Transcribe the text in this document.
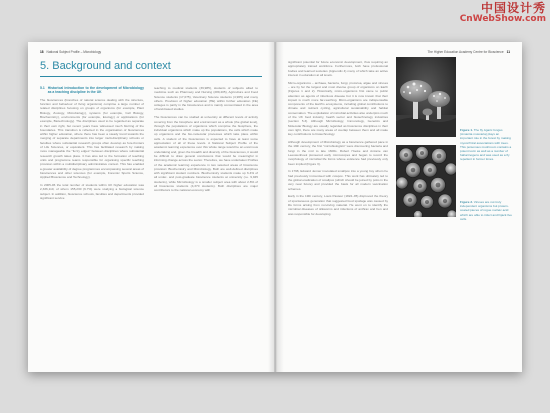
中国设计秀
CnWebShow.com
18 National Subject Profile – Microbiology
5. Background and context
5.1 Historical introduction to the development of Microbiology as a teaching discipline in the UK

The biosciences (branches of natural science dealing with the structure, function and behaviour of living organisms) comprise a large number of related disciplines focusing on groups of organisms (for example, Plant Biology, Zoology, Microbiology), systems (for example, Cell Biology, Biochemistry), environments (for example, Ecology) or applications (for example, Biotechnology). The disciplines used to be regarded as separate in their own right, but recent years have witnessed much blurring of the boundaries. This transition is reflected in the organisation of biosciences within higher education, where there has been a steady trend towards the merging of separate departments into larger multi-disciplinary schools or faculties where substantial research groups often develop as fore-fronters of Life Sciences, or equivalent. This has facilitated research by making more manageable the "fuzzy edges" between disciplines where substantial research growth takes place. It has also led to the formation of teaching units and programme teams responsible for organising specific teaching provision within a multidisciplinary administrative context. This has enabled a greater availability of degree programmes encompassing several areas of biosciences and other sciences (for example, Forensic Sports Science, Applied Bioscience and Technology).

In 2005-06 the total number of students within UK higher education was 2,336,110, of whom 155,230 (6.7%) were studying a biological science subject. In addition, bioscience schools, faculties and departments provided significant service

teaching to medical students (39,985), students of subjects allied to medicine such as Pharmacy and Nursing (289,405), Agriculture and Food Science students (17,075), Veterinary Science students (4,965) and many others. Provision of higher education (HE) within further education (FE) colleges is partly in the biosciences and is mainly concentrated in the area of land-based studies.

The biosciences can be studied at university at different levels of activity covering from the biosphere and environment as a whole (the global level), through the populations of organisms which comprise the biosphere, the individual organisms which make up the populations, the cells which make up organisms and the bio-molecular processes which take place within cells. A student of the biosciences is expected to have at least some appreciation of all of these levels. A National Subject Profile of the academic learning experience over this whole range would be an enormous undertaking and, given the breadth and diversity of the biosciences, it would be difficult to draw general conclusions that would be meaningful in informing change across the sector. Therefore, we have undertaken Profiles of the academic learning experience in two selected areas of bioscience provision: Biochemistry and Microbiology. Both are well-defined disciplines with significant student numbers. Biochemistry students make up 6.4% of all under- and post-graduate bioscience students at university (i.e. 9,945 students), while Microbiology is a smaller subject area with about 2.8% of all bioscience students (4,370 students). Both disciplines are major contributors to the national economy with

The Higher Education Academy Centre for Bioscience 11

significant potential for future economic development, thus requiring an appropriately trained workforce. Furthermore, both have professional bodies and learned societies (Appendix 4) many of which take an active interest in education at all levels.

Micro-organisms – archaea, bacteria, fungi, protozoa, algae and viruses – are by far the largest and most diverse group of organisms on Earth (Figures 1 and 2). Historically, micro-organisms first came to public attention as agents of infectious disease but it is now known that their impact is much more far-reaching. Micro-organisms are indispensable components of the Earth's ecosystems, including global contributions to climate and nutrient cycling, agricultural sustainability and habitat conservation. The exploitation of microbial activities also underpins much of the UK food industry, health sector and biotechnology industries (section 5.3). Although Microbiology, Immunology, Genetics and Molecular Biology are usually regarded as bioscience disciplines in their own right, there are many areas of overlap between them and all make key contributions to biotechnology.

Although development of Microbiology as a bioscience gathered pace in the 19th century, the first "microbiologists" were discovering bacteria and fungi in the mid to late 1600s. Robert Hooke and Antonie van Leeuwenhoek pioneered early microscopes and began to record the morphology of microbial life forms whose existence had previously only been implied (Figure 3).

In 1798, Edward Jenner inoculated smallpox into a young boy whom he had previously immunised with cowpox. This work has ultimately led to the global eradication of smallpox (which should be joined by polio in the very near future) and provided the basis for all modern vaccination schemes.

Early in the 19th century, Louis Pasteur (1822–95) disproved the theory of spontaneous generation that suggested food spoilage was caused by life forms arising from non-living material. He went on to identify the microbial diseases of silkworms and infections of anthrax and hen and was responsible for developing

Figure 1. The fly Agaric fungus (Amanita muscaria) plays an important role in the forest by making mycorrhizal associations with trees. This poisonous mushroom contains a potent toxin as well as a number of hallucinogens and was used as a fly repellent in former times.
Figure 2. Viruses are not truly independent organisms but protein-coated pieces of rogue nucleic acid which are able to infect and hijack live cells.
